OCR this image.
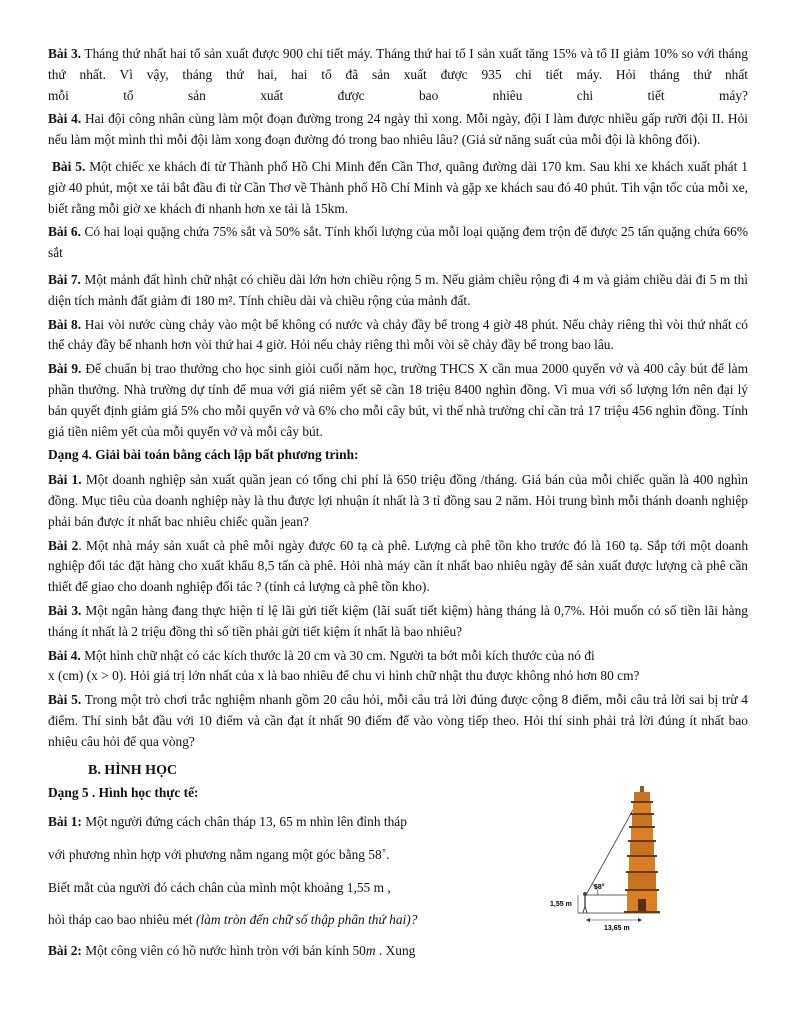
Bài 3. Tháng thứ nhất hai tổ sản xuất được 900 chi tiết máy. Tháng thứ hai tổ I sản xuất tăng 15% và tổ II giảm 10% so với tháng thứ nhất. Vì vậy, tháng thứ hai, hai tổ đã sản xuất được 935 chi tiết máy. Hỏi tháng thứ nhất

mỗi tổ sản xuất được bao nhiêu chi tiết máy?

Bài 4. Hai đội công nhân cùng làm một đoạn đường trong 24 ngày thì xong. Mỗi ngày, đội I làm được nhiều gấp rưỡi đội II. Hỏi nếu làm một mình thì mỗi đội làm xong đoạn đường đó trong bao nhiêu lâu? (Giả sử năng suất của mỗi đội là không đổi).

Bài 5. Một chiếc xe khách đi từ Thành phố Hồ Chi Minh đến Cần Thơ, quãng đường dài 170 km. Sau khi xe khách xuất phát 1 giờ 40 phút, một xe tải bắt đầu đi từ Cần Thơ về Thành phố Hồ Chí Minh và gặp xe khách sau đó 40 phút. Tìh vận tốc của mỗi xe, biết rằng mỗi giờ xe khách đi nhanh hơn xe tải là 15km.

Bài 6. Có hai loại quặng chứa 75% sắt và 50% sắt. Tính khối lượng của mỗi loại quặng đem trộn để được 25 tấn quặng chứa 66% sắt

Bài 7. Một mảnh đất hình chữ nhật có chiều dài lớn hơn chiều rộng 5 m. Nếu giảm chiều rộng đi 4 m và giảm chiều dài đi 5 m thì diện tích mảnh đất giảm đi 180 m². Tính chiều dài và chiều rộng của mảnh đất.

Bài 8. Hai vòi nước cùng chảy vào một bể không có nước và chảy đầy bể trong 4 giờ 48 phút. Nếu chảy riêng thì vòi thứ nhất có thể chảy đầy bể nhanh hơn vòi thứ hai 4 giờ. Hỏi nếu chảy riêng thì mỗi vòi sẽ chảy đầy bể trong bao lâu.

Bài 9. Để chuẩn bị trao thưởng cho học sinh giỏi cuối năm học, trường THCS X cần mua 2000 quyển vở và 400 cây bút để làm phần thưởng. Nhà trường dự tính để mua với giá niêm yết sẽ cần 18 triệu 8400 nghìn đồng. Vì mua với số lượng lớn nên đại lý bán quyết định giảm giá 5% cho mỗi quyển vở và 6% cho mỗi cây bút, vì thế nhà trường chỉ cần trả 17 triệu 456 nghìn đồng. Tính giá tiền niêm yết của mỗi quyển vở và mỗi cây bút.

Dạng 4. Giải bài toán bằng cách lập bất phương trình:

Bài 1. Một doanh nghiệp sản xuất quần jean có tổng chi phí là 650 triệu đồng /tháng. Giá bán của mỗi chiếc quần là 400 nghìn đồng. Mục tiêu của doanh nghiệp này là thu được lợi nhuận ít nhất là 3 tỉ đồng sau 2 năm. Hỏi trung bình mỗi thánh doanh nghiệp phải bán được ít nhất bac nhiêu chiếc quần jean?

Bài 2. Một nhà máy sản xuất cà phê mỗi ngày được 60 tạ cà phê. Lượng cà phê tồn kho trước đó là 160 tạ. Sắp tới một doanh nghiệp đối tác đặt hàng cho xuất khẩu 8,5 tấn cà phê. Hỏi nhà máy cần ít nhất bao nhiêu ngày để sản xuất được lượng cà phê cần thiết để giao cho doanh nghiệp đối tác ? (tính cả lượng cà phê tồn kho).

Bài 3. Một ngân hàng đang thực hiện tỉ lệ lãi gửi tiết kiệm (lãi suất tiết kiệm) hàng tháng là 0,7%. Hỏi muốn có số tiền lãi hàng tháng ít nhất là 2 triệu đồng thì số tiền phải gửi tiết kiệm ít nhất là bao nhiêu?

Bài 4. Một hình chữ nhật có các kích thước là 20 cm và 30 cm. Người ta bớt mỗi kích thước của nó đi

x (cm) (x > 0). Hỏi giá trị lớn nhất của x là bao nhiêu để chu vi hình chữ nhật thu được không nhỏ hơn 80 cm?

Bài 5. Trong một trò chơi trắc nghiệm nhanh gồm 20 câu hỏi, mỗi câu trả lời đúng được cộng 8 điểm, mỗi câu trả lời sai bị trừ 4 điểm. Thí sinh bắt đầu với 10 điểm và cần đạt ít nhất 90 điểm để vào vòng tiếp theo. Hỏi thí sinh phải trả lời đúng ít nhất bao nhiêu câu hỏi để qua vòng?

B. HÌNH HỌC
Dạng 5 . Hình học thực tế:

Bài 1: Một người đứng cách chân tháp 13, 65 m nhìn lên đỉnh tháp

với phương nhìn hợp với phương nằm ngang một góc bằng 58˚.

Biết mắt của người đó cách chân của mình một khoảng 1,55 m ,

hỏi tháp cao bao nhiêu mét (làm tròn đến chữ số thập phân thứ hai)?

Bài 2: Một công viên có hồ nước hình tròn với bán kính 50m . Xung

58°
1,55 m
13,65 m
